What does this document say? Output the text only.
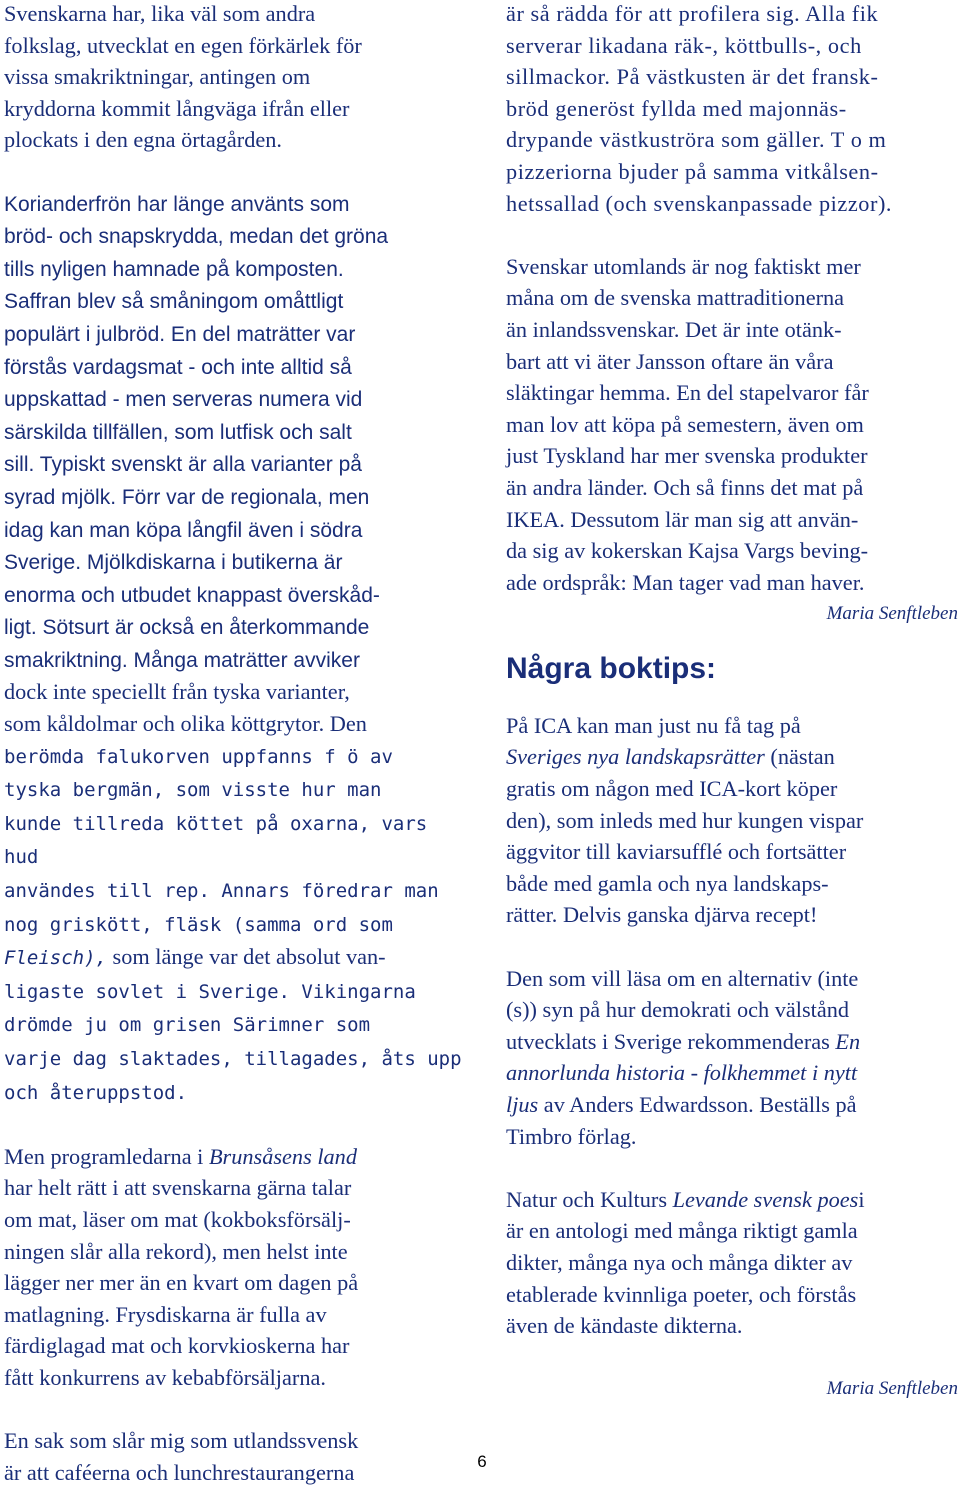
Svenskarna har, lika väl som andra
folkslag, utvecklat en egen förkärlek för
vissa smakriktningar, antingen om
kryddorna kommit långväga ifrån eller
plockats i den egna örtagården.

Korianderfrön har länge använts som
bröd- och snapskrydda, medan det gröna
tills nyligen hamnade på komposten.
Saffran blev så småningom omåttligt
populärt i julbröd. En del maträtter var
förstås vardagsmat - och inte alltid så
uppskattad - men serveras numera vid
särskilda tillfällen, som lutfisk och salt
sill. Typiskt svenskt är alla varianter på
syrad mjölk. Förr var de regionala, men
idag kan man köpa långfil även i södra
Sverige. Mjölkdiskarna i butikerna är
enorma och utbudet knappast överskåd-
ligt. Sötsurt är också en återkommande
smakriktning. Många maträtter avviker
dock inte speciellt från tyska varianter,
som kåldolmar och olika köttgrytor. Den
berömda falukorven uppfanns f ö av
tyska bergmän, som visste hur man
kunde tillreda köttet på oxarna, vars hud
användes till rep. Annars föredrar man
nog griskött, fläsk (samma ord som
Fleisch), som länge var det absolut van-
ligaste sovlet i Sverige. Vikingarna
drömde ju om grisen Särimner som
varje dag slaktades, tillagades, åts upp
och återuppstod.

Men programledarna i Brunsåsens land
har helt rätt i att svenskarna gärna talar
om mat, läser om mat (kokboksförsälj-
ningen slår alla rekord), men helst inte
lägger ner mer än en kvart om dagen på
matlagning. Frysdiskarna är fulla av
färdiglagad mat och korvkioskerna har
fått konkurrens av kebabförsäljarna.

En sak som slår mig som utlandssvensk
är att caféerna och lunchrestaurangerna

är så rädda för att profilera sig. Alla fik
serverar likadana räk-, köttbulls-, och
sillmackor. På västkusten är det fransk-
bröd generöst fyllda med majonnäs-
drypande västkuströra som gäller. T o m
pizzeriorna bjuder på samma vitkålsen-
hetssallad (och svenskanpassade pizzor).

Svenskar utomlands är nog faktiskt mer
måna om de svenska mattraditionerna
än inlandssvenskar. Det är inte otänk-
bart att vi äter Jansson oftare än våra
släktingar hemma. En del stapelvaror får
man lov att köpa på semestern, även om
just Tyskland har mer svenska produkter
än andra länder. Och så finns det mat på
IKEA. Dessutom lär man sig att använ-
da sig av kokerskan Kajsa Vargs beving-
ade ordspråk: Man tager vad man haver.

Maria Senftleben

Några boktips:

På ICA kan man just nu få tag på
Sveriges nya landskapsrätter (nästan
gratis om någon med ICA-kort köper
den), som inleds med hur kungen vispar
äggvitor till kaviarsufflé och fortsätter
både med gamla och nya landskaps-
rätter. Delvis ganska djärva recept!

Den som vill läsa om en alternativ (inte
(s)) syn på hur demokrati och välstånd
utvecklats i Sverige rekommenderas En
annorlunda historia - folkhemmet i nytt
ljus av Anders Edwardsson. Beställs på
Timbro förlag.

Natur och Kulturs Levande svensk poesi
är en antologi med många riktigt gamla
dikter, många nya och många dikter av
etablerade kvinnliga poeter, och förstås
även de kändaste dikterna.

Maria Senftleben

6
